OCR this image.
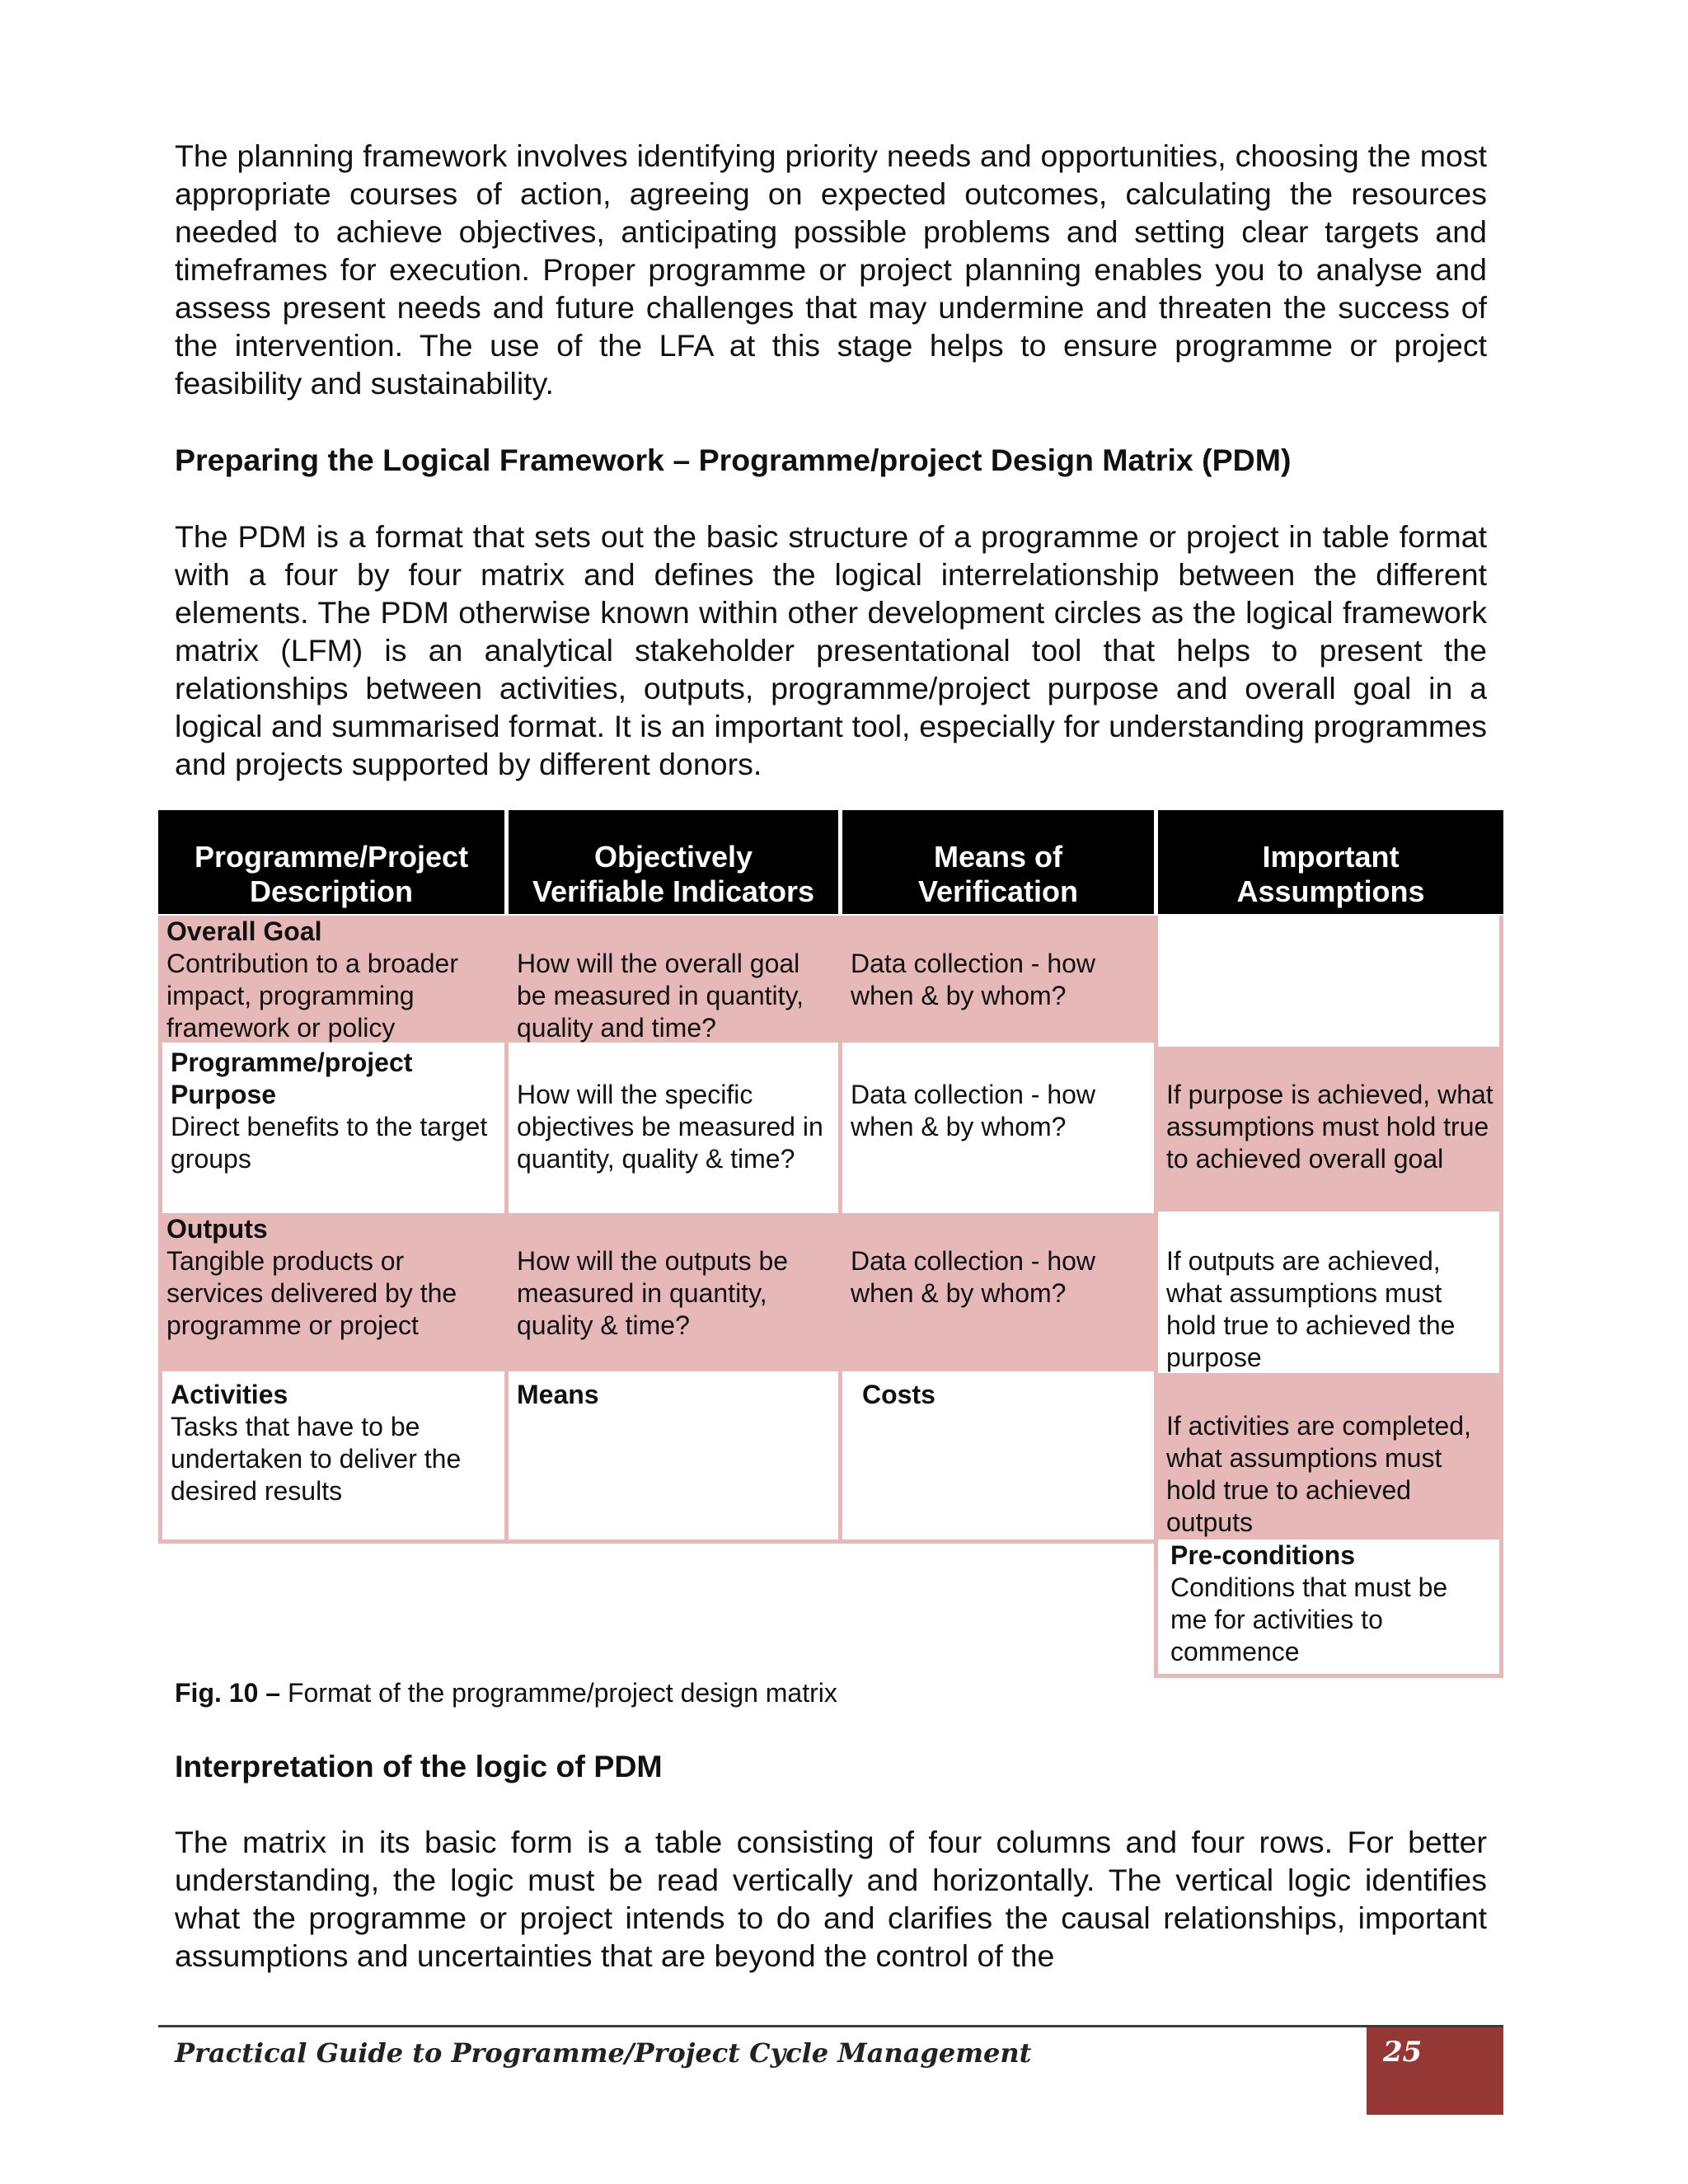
The planning framework involves identifying priority needs and opportunities, choosing the most appropriate courses of action, agreeing on expected outcomes, calculating the resources needed to achieve objectives, anticipating possible problems and setting clear targets and timeframes for execution. Proper programme or project planning enables you to analyse and assess present needs and future challenges that may undermine and threaten the success of the intervention. The use of the LFA at this stage helps to ensure programme or project feasibility and sustainability.

Preparing the Logical Framework – Programme/project Design Matrix (PDM)

The PDM is a format that sets out the basic structure of a programme or project in table format with a four by four matrix and defines the logical interrelationship between the different elements. The PDM otherwise known within other development circles as the logical framework matrix (LFM) is an analytical stakeholder presentational tool that helps to present the relationships between activities, outputs, programme/project purpose and overall goal in a logical and summarised format. It is an important tool, especially for understanding programmes and projects supported by different donors.

Programme/Project
Description
Objectively
Verifiable Indicators
Means of
Verification
Important
Assumptions
Overall Goal
Contribution to a broader impact, programming framework or policy
How will the overall goal be measured in quantity, quality and time?
Data collection - how when & by whom?
Programme/project Purpose
Direct benefits to the target groups
How will the specific objectives be measured in quantity, quality & time?
Data collection - how when & by whom?
If purpose is achieved, what assumptions must hold true to achieved overall goal
Outputs
Tangible products or services delivered by the programme or project
How will the outputs be measured in quantity, quality & time?
Data collection - how when & by whom?
If outputs are achieved, what assumptions must hold true to achieved the purpose
Activities
Tasks that have to be undertaken to deliver the desired results
Means	Costs
If activities are completed, what assumptions must hold true to achieved outputs
Pre-conditions
Conditions that must be me for activities to commence
Fig. 10 – Format of the programme/project design matrix

Interpretation of the logic of PDM

The matrix in its basic form is a table consisting of four columns and four rows. For better understanding, the logic must be read vertically and horizontally. The vertical logic identifies what the programme or project intends to do and clarifies the causal relationships, important assumptions and uncertainties that are beyond the control of the

Practical Guide to Programme/Project Cycle Management	25
